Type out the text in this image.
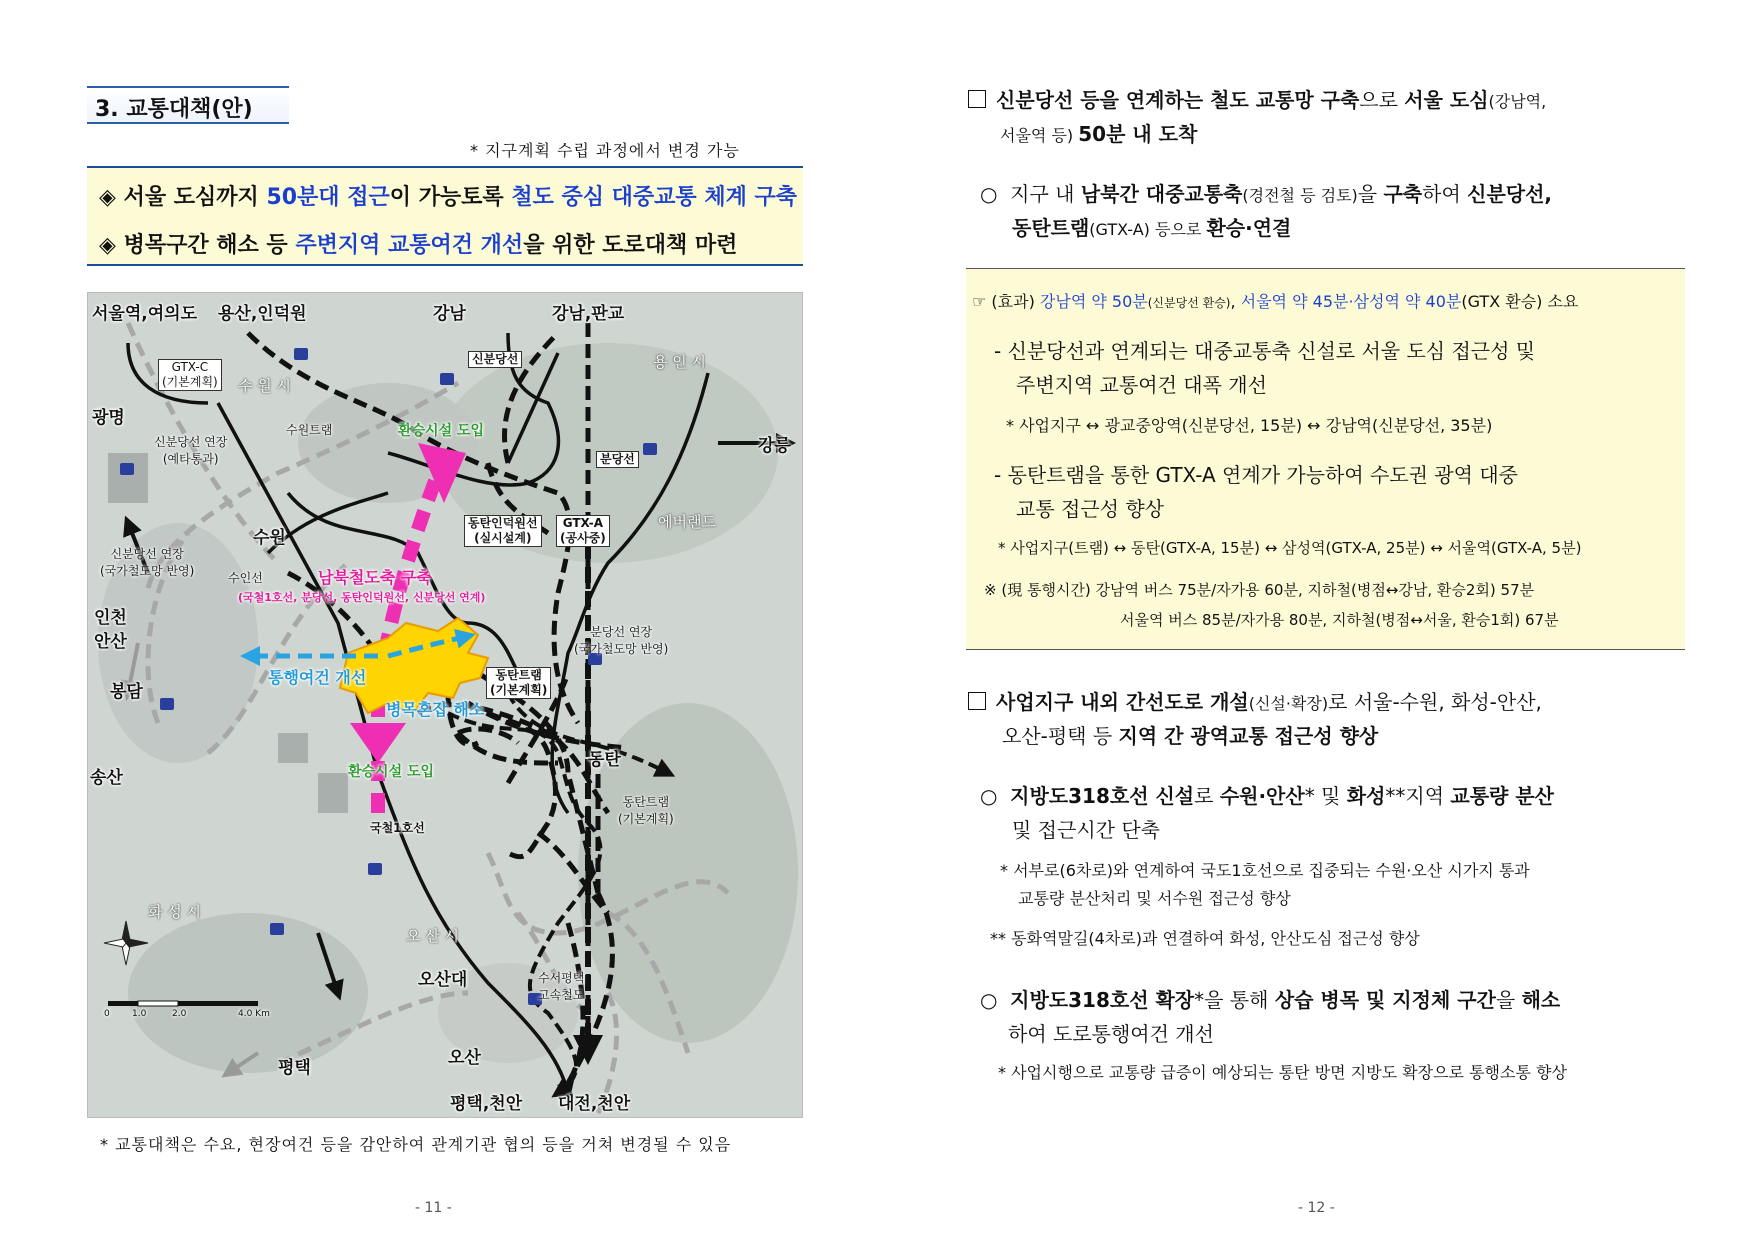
3. 교통대책(안)
* 지구계획 수립 과정에서 변경 가능
◈ 서울 도심까지 50분대 접근이 가능토록 철도 중심 대중교통 체계 구축
◈ 병목구간 해소 등 주변지역 교통여건 개선을 위한 도로대책 마련
서울역,여의도 용산,인덕원	강남	강남,판교
광명
강릉
수원
인천
안산
봉담
송산
화 성 시
평택
평택,천안 대전,천안
오산
오산대
동탄
수 원 시
용 인 시
오 산 시
에버랜드
GTX-C
(기본계획)
신분당선 연장
(예타통과)
신분당선 연장
(국가철도망 반영)
수원트램
수인선
신분당선
분당선
환승시설 도입
환승시설 도입
동탄인덕원선
(실시설계)
GTX-A
(공사중)
남북철도축 구축
(국철1호선, 분당선, 동탄인덕원선, 신분당선 연계)
통행여건 개선
병목혼잡 해소
동탄트램
(기본계획)
동탄트램
(기본계획)
국철1호선
분당선 연장
(국가철도망 반영)
수서평택
고속철도
0 1.0	2.0	4.0 Km
* 교통대책은 수요, 현장여건 등을 감안하여 관계기관 협의 등을 거쳐 변경될 수 있음
- 11 -
신분당선 등을 연계하는 철도 교통망 구축으로 서울 도심(강남역,
서울역 등) 50분 내 도착
○ 지구 내 남북간 대중교통축(경전철 등 검토)을 구축하여 신분당선,
동탄트램(GTX-A) 등으로 환승·연결
☞ (효과) 강남역 약 50분(신분당선 환승), 서울역 약 45분·삼성역 약 40분(GTX 환승) 소요
- 신분당선과 연계되는 대중교통축 신설로 서울 도심 접근성 및
주변지역 교통여건 대폭 개선
* 사업지구 ↔ 광교중앙역(신분당선, 15분) ↔ 강남역(신분당선, 35분)
- 동탄트램을 통한 GTX-A 연계가 가능하여 수도권 광역 대중
교통 접근성 향상
* 사업지구(트램) ↔ 동탄(GTX-A, 15분) ↔ 삼성역(GTX-A, 25분) ↔ 서울역(GTX-A, 5분)
※ (現 통행시간) 강남역 버스 75분/자가용 60분, 지하철(병점↔강남, 환승2회) 57분
서울역 버스 85분/자가용 80분, 지하철(병점↔서울, 환승1회) 67분
사업지구 내외 간선도로 개설(신설·확장)로 서울-수원, 화성-안산,
오산-평택 등 지역 간 광역교통 접근성 향상
○ 지방도318호선 신설로 수원·안산* 및 화성**지역 교통량 분산
및 접근시간 단축
* 서부로(6차로)와 연계하여 국도1호선으로 집중되는 수원·오산 시가지 통과
교통량 분산처리 및 서수원 접근성 향상
** 동화역말길(4차로)과 연결하여 화성, 안산도심 접근성 향상
○ 지방도318호선 확장*을 통해 상습 병목 및 지정체 구간을 해소
하여 도로통행여건 개선
* 사업시행으로 교통량 급증이 예상되는 통탄 방면 지방도 확장으로 통행소통 향상
- 12 -
